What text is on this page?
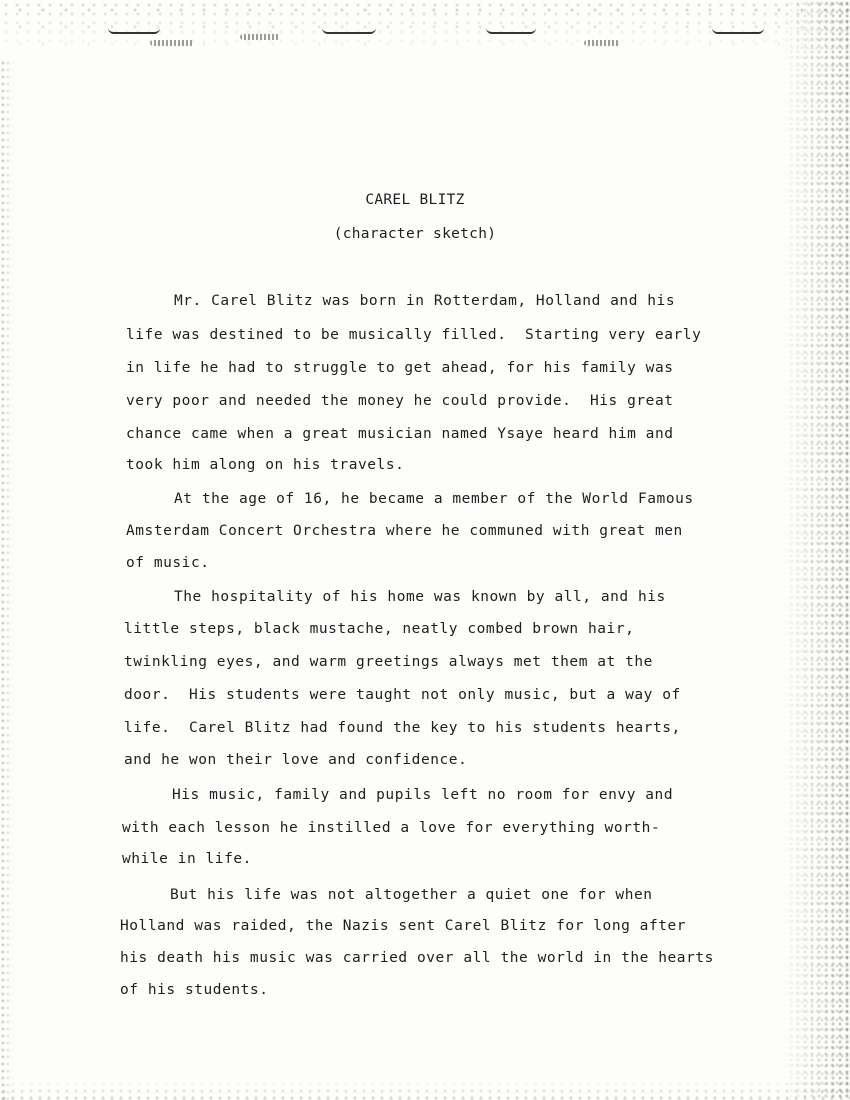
CAREL BLITZ
(character sketch)
Mr. Carel Blitz was born in Rotterdam, Holland and his
life was destined to be musically filled.  Starting very early
in life he had to struggle to get ahead, for his family was
very poor and needed the money he could provide.  His great
chance came when a great musician named Ysaye heard him and
took him along on his travels.
At the age of 16, he became a member of the World Famous
Amsterdam Concert Orchestra where he communed with great men
of music.
The hospitality of his home was known by all, and his
little steps, black mustache, neatly combed brown hair,
twinkling eyes, and warm greetings always met them at the
door.  His students were taught not only music, but a way of
life.  Carel Blitz had found the key to his students hearts,
and he won their love and confidence.
His music, family and pupils left no room for envy and
with each lesson he instilled a love for everything worth-
while in life.
But his life was not altogether a quiet one for when
Holland was raided, the Nazis sent Carel Blitz for long after
his death his music was carried over all the world in the hearts
of his students.
